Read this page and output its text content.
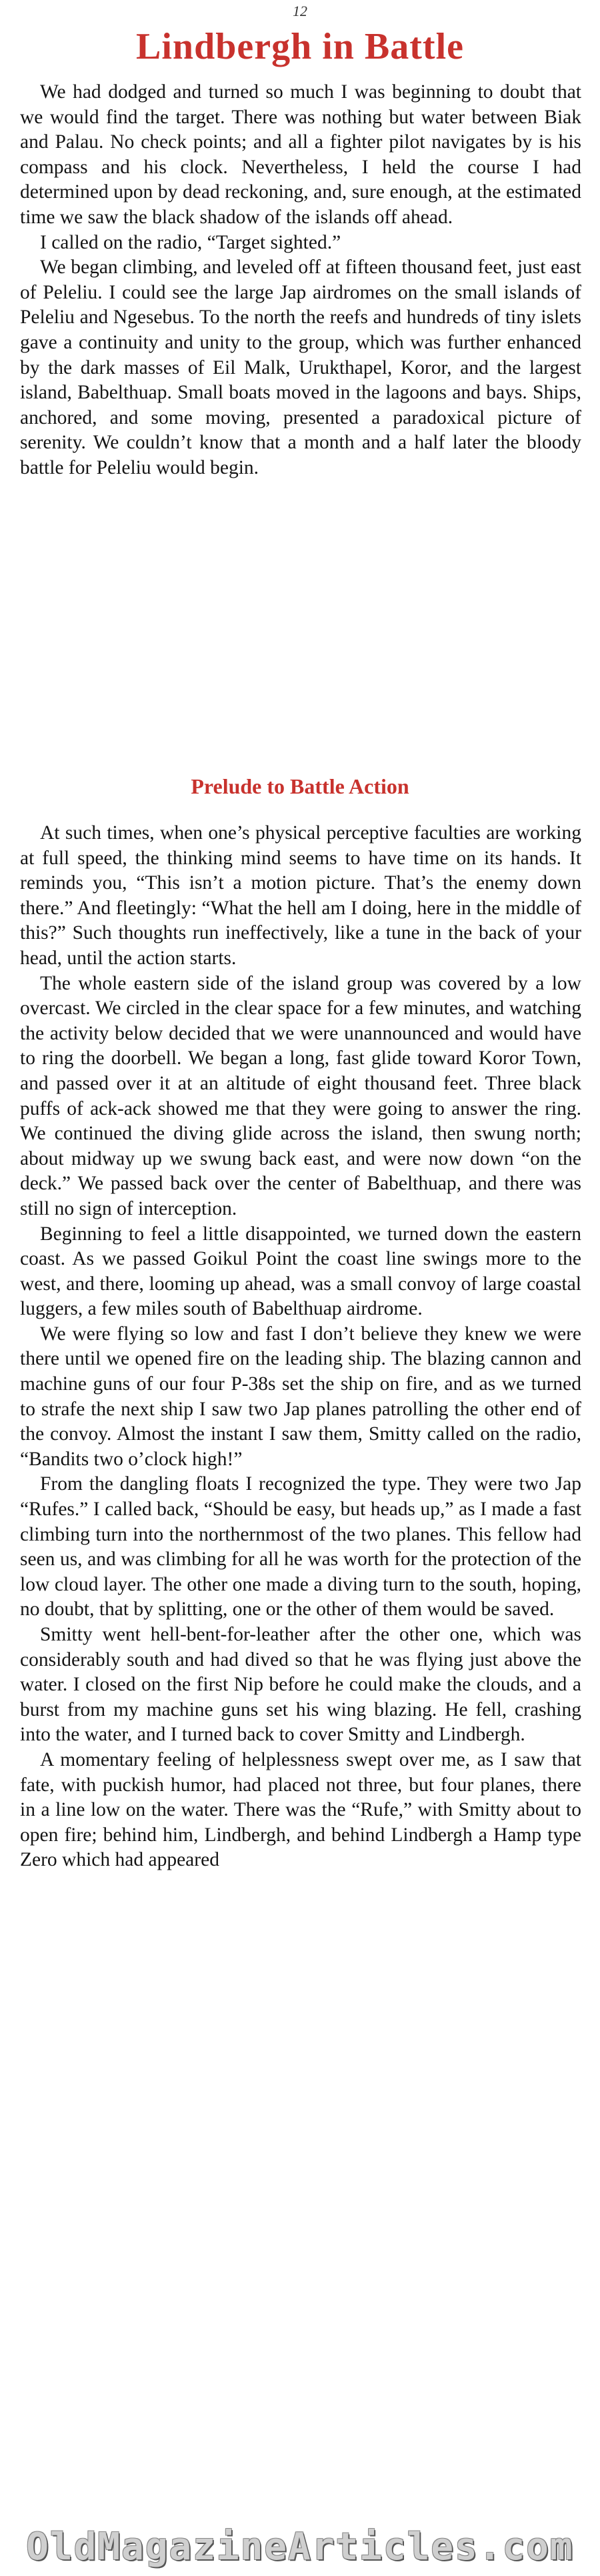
12
Lindbergh in Battle

We had dodged and turned so much I was beginning to doubt that we would find the target. There was nothing but water between Biak and Palau. No check points; and all a fighter pilot navigates by is his compass and his clock. Nevertheless, I held the course I had determined upon by dead reckoning, and, sure enough, at the estimated time we saw the black shadow of the islands off ahead.

I called on the radio, “Target sighted.”

We began climbing, and leveled off at fifteen thousand feet, just east of Peleliu. I could see the large Jap airdromes on the small islands of Peleliu and Ngesebus. To the north the reefs and hundreds of tiny islets gave a continuity and unity to the group, which was further enhanced by the dark masses of Eil Malk, Urukthapel, Koror, and the largest island, Babelthuap. Small boats moved in the lagoons and bays. Ships, anchored, and some moving, presented a paradoxical picture of serenity. We couldn’t know that a month and a half later the bloody battle for Peleliu would begin.

Prelude to Battle Action

At such times, when one’s physical perceptive faculties are working at full speed, the thinking mind seems to have time on its hands. It reminds you, “This isn’t a motion picture. That’s the enemy down there.” And fleetingly: “What the hell am I doing, here in the middle of this?” Such thoughts run ineffectively, like a tune in the back of your head, until the action starts.

The whole eastern side of the island group was covered by a low overcast. We circled in the clear space for a few minutes, and watching the activity below decided that we were unannounced and would have to ring the doorbell. We began a long, fast glide toward Koror Town, and passed over it at an altitude of eight thousand feet. Three black puffs of ack-ack showed me that they were going to answer the ring. We continued the diving glide across the island, then swung north; about midway up we swung back east, and were now down “on the deck.” We passed back over the center of Babelthuap, and there was still no sign of interception.

Beginning to feel a little disappointed, we turned down the eastern coast. As we passed Goikul Point the coast line swings more to the west, and there, looming up ahead, was a small convoy of large coastal luggers, a few miles south of Babelthuap airdrome.

We were flying so low and fast I don’t believe they knew we were there until we opened fire on the leading ship. The blazing cannon and machine guns of our four P-38s set the ship on fire, and as we turned to strafe the next ship I saw two Jap planes patrolling the other end of the convoy. Almost the instant I saw them, Smitty called on the radio, “Bandits two o’clock high!”

From the dangling floats I recognized the type. They were two Jap “Rufes.” I called back, “Should be easy, but heads up,” as I made a fast climbing turn into the northernmost of the two planes. This fellow had seen us, and was climbing for all he was worth for the protection of the low cloud layer. The other one made a diving turn to the south, hoping, no doubt, that by splitting, one or the other of them would be saved.

Smitty went hell-bent-for-leather after the other one, which was considerably south and had dived so that he was flying just above the water. I closed on the first Nip before he could make the clouds, and a burst from my machine guns set his wing blazing. He fell, crashing into the water, and I turned back to cover Smitty and Lindbergh.

A momentary feeling of helplessness swept over me, as I saw that fate, with puckish humor, had placed not three, but four planes, there in a line low on the water. There was the “Rufe,” with Smitty about to open fire; behind him, Lindbergh, and behind Lindbergh a Hamp type Zero which had appeared

OldMagazineArticles.com
